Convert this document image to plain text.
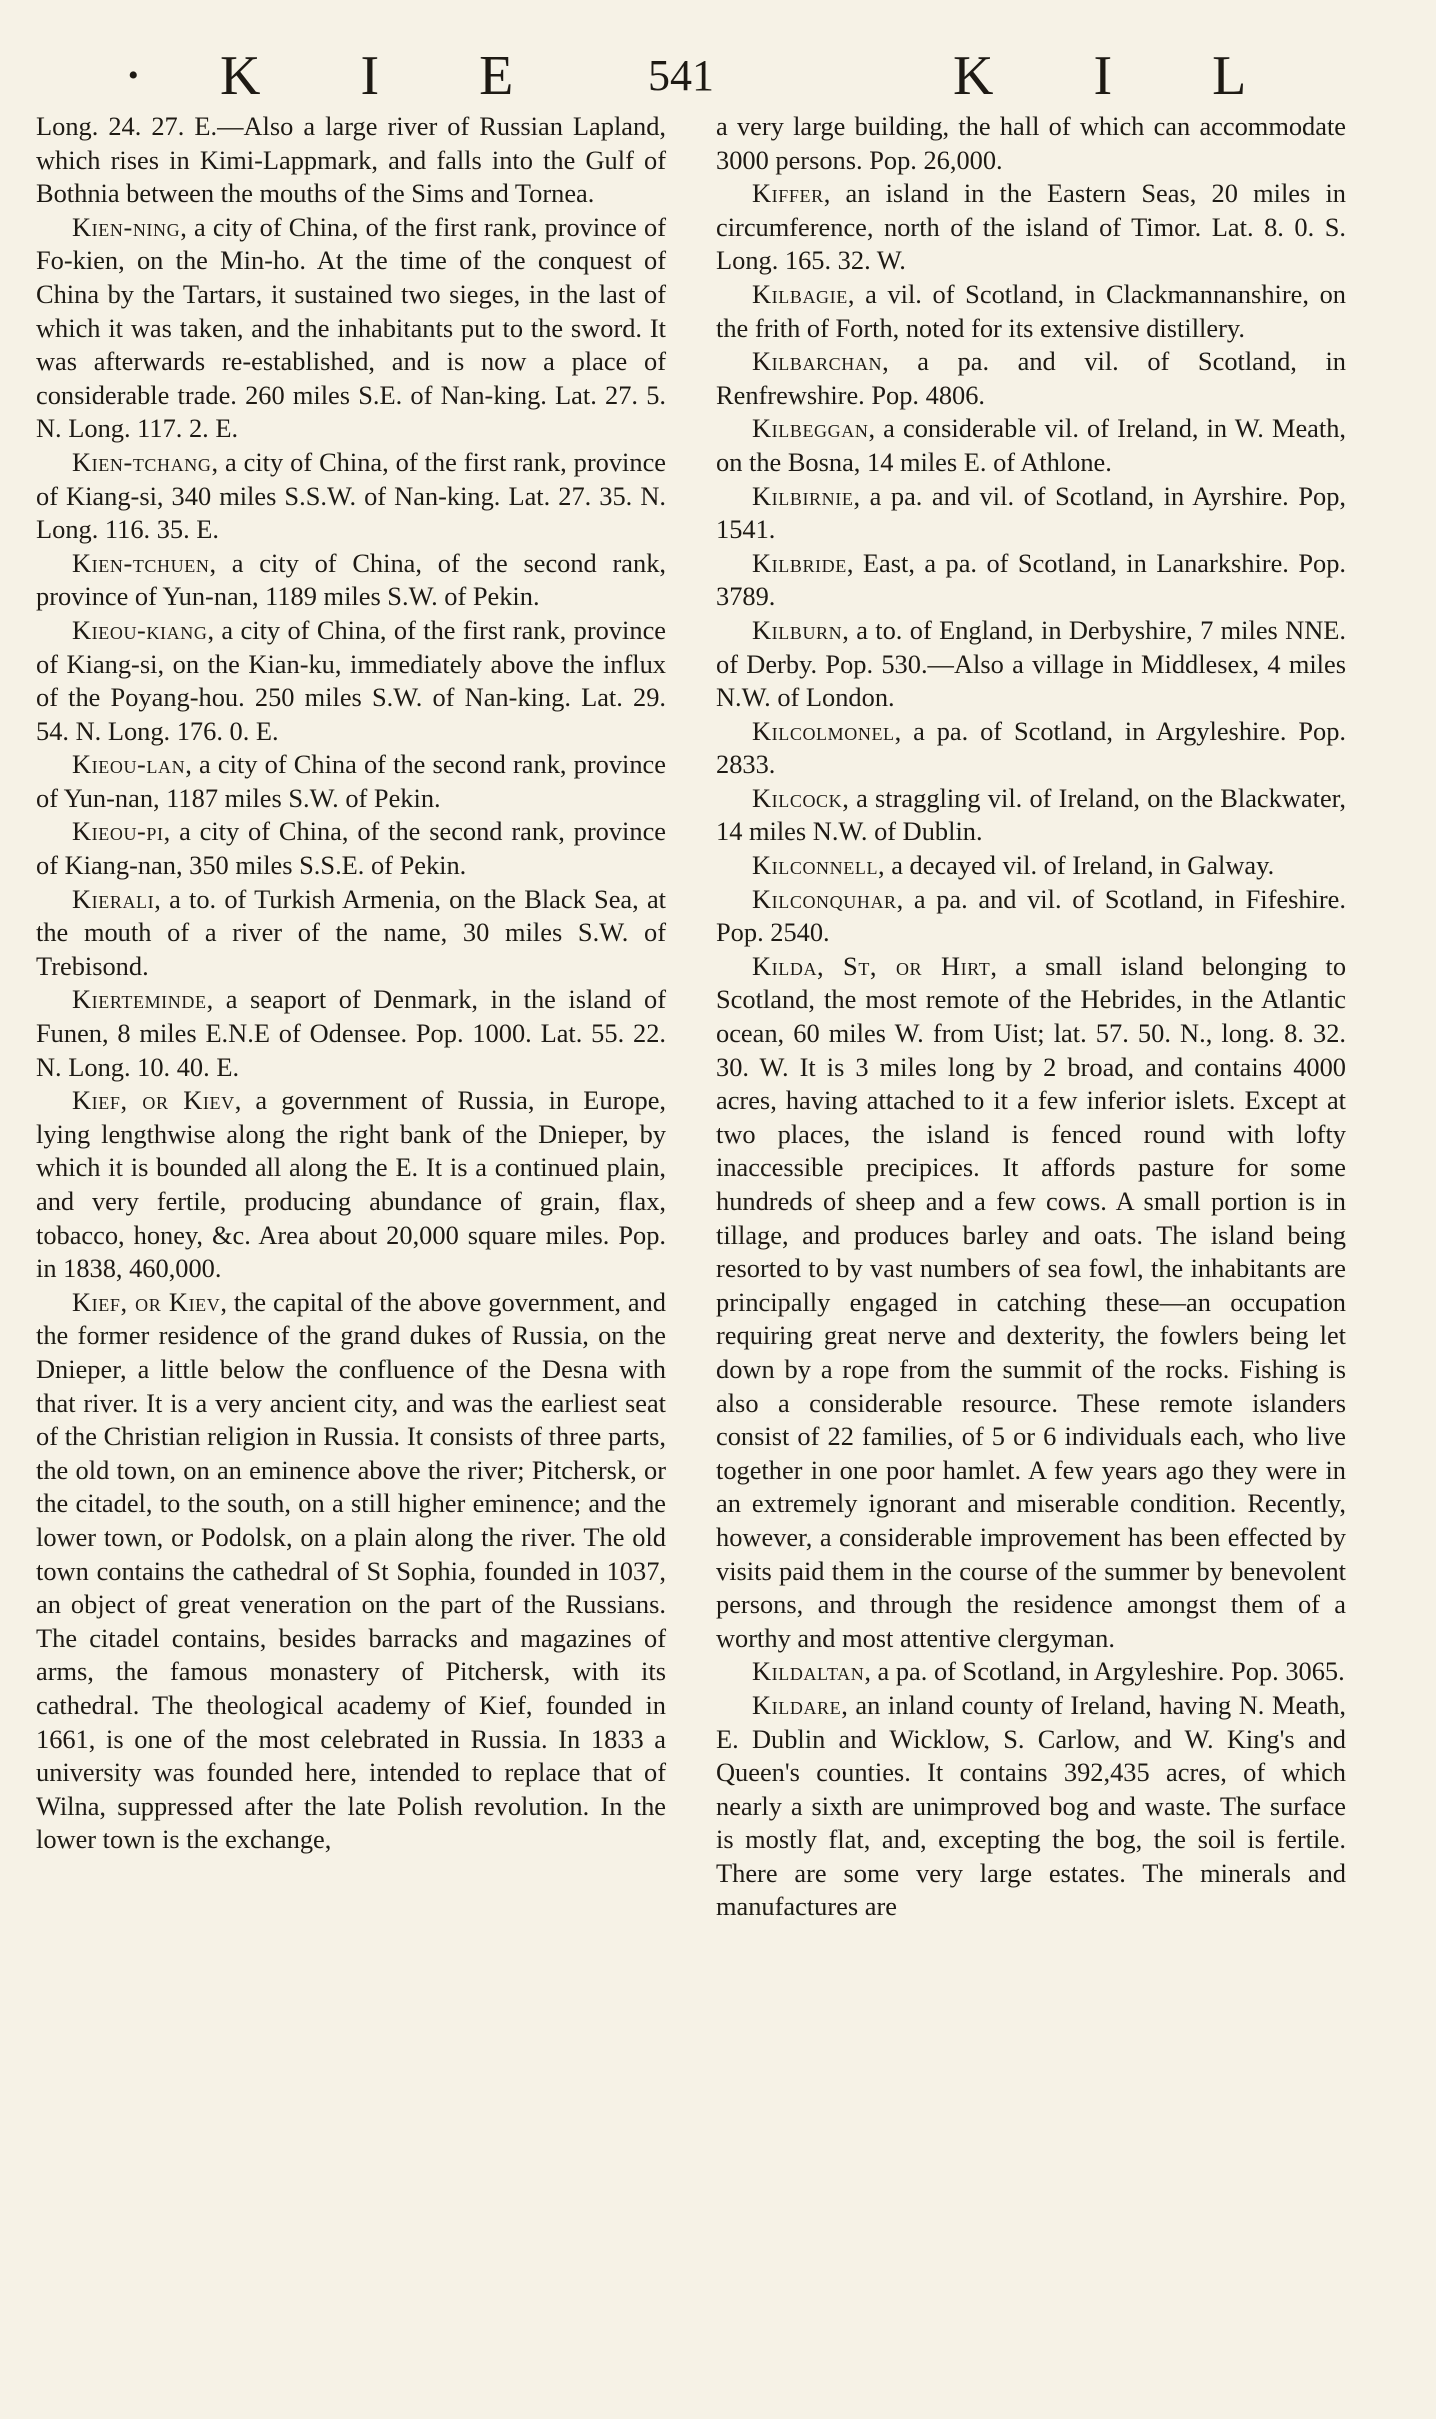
• K I E 541	K I L

Long. 24. 27. E.—Also a large river of Russian Lapland, which rises in Kimi-Lappmark, and falls into the Gulf of Bothnia between the mouths of the Sims and Tornea.

Kien-ning, a city of China, of the first rank, province of Fo-kien, on the Min-ho. At the time of the conquest of China by the Tartars, it sustained two sieges, in the last of which it was taken, and the inhabitants put to the sword. It was afterwards re-established, and is now a place of considerable trade. 260 miles S.E. of Nan-king. Lat. 27. 5. N. Long. 117. 2. E.

Kien-tchang, a city of China, of the first rank, province of Kiang-si, 340 miles S.S.W. of Nan-king. Lat. 27. 35. N. Long. 116. 35. E.

Kien-tchuen, a city of China, of the second rank, province of Yun-nan, 1189 miles S.W. of Pekin.

Kieou-kiang, a city of China, of the first rank, province of Kiang-si, on the Kian-ku, immediately above the influx of the Poyang-hou. 250 miles S.W. of Nan-king. Lat. 29. 54. N. Long. 176. 0. E.

Kieou-lan, a city of China of the second rank, province of Yun-nan, 1187 miles S.W. of Pekin.

Kieou-pi, a city of China, of the second rank, province of Kiang-nan, 350 miles S.S.E. of Pekin.

Kierali, a to. of Turkish Armenia, on the Black Sea, at the mouth of a river of the name, 30 miles S.W. of Trebisond.

Kierteminde, a seaport of Denmark, in the island of Funen, 8 miles E.N.E of Odensee. Pop. 1000. Lat. 55. 22. N. Long. 10. 40. E.

Kief, or Kiev, a government of Russia, in Europe, lying lengthwise along the right bank of the Dnieper, by which it is bounded all along the E. It is a continued plain, and very fertile, producing abundance of grain, flax, tobacco, honey, &c. Area about 20,000 square miles. Pop. in 1838, 460,000.

Kief, or Kiev, the capital of the above government, and the former residence of the grand dukes of Russia, on the Dnieper, a little below the confluence of the Desna with that river. It is a very ancient city, and was the earliest seat of the Christian religion in Russia. It consists of three parts, the old town, on an eminence above the river; Pitchersk, or the citadel, to the south, on a still higher eminence; and the lower town, or Podolsk, on a plain along the river. The old town contains the cathedral of St Sophia, founded in 1037, an object of great veneration on the part of the Russians. The citadel contains, besides barracks and magazines of arms, the famous monastery of Pitchersk, with its cathedral. The theological academy of Kief, founded in 1661, is one of the most celebrated in Russia. In 1833 a university was founded here, intended to replace that of Wilna, suppressed after the late Polish revolution. In the lower town is the exchange,

a very large building, the hall of which can accommodate 3000 persons. Pop. 26,000.

Kiffer, an island in the Eastern Seas, 20 miles in circumference, north of the island of Timor. Lat. 8. 0. S. Long. 165. 32. W.

Kilbagie, a vil. of Scotland, in Clackmannanshire, on the frith of Forth, noted for its extensive distillery.

Kilbarchan, a pa. and vil. of Scotland, in Renfrewshire. Pop. 4806.

Kilbeggan, a considerable vil. of Ireland, in W. Meath, on the Bosna, 14 miles E. of Athlone.

Kilbirnie, a pa. and vil. of Scotland, in Ayrshire. Pop, 1541.

Kilbride, East, a pa. of Scotland, in Lanarkshire. Pop. 3789.

Kilburn, a to. of England, in Derbyshire, 7 miles NNE. of Derby. Pop. 530.—Also a village in Middlesex, 4 miles N.W. of London.

Kilcolmonel, a pa. of Scotland, in Argyleshire. Pop. 2833.

Kilcock, a straggling vil. of Ireland, on the Blackwater, 14 miles N.W. of Dublin.

Kilconnell, a decayed vil. of Ireland, in Galway.

Kilconquhar, a pa. and vil. of Scotland, in Fifeshire. Pop. 2540.

Kilda, St, or Hirt, a small island belonging to Scotland, the most remote of the Hebrides, in the Atlantic ocean, 60 miles W. from Uist; lat. 57. 50. N., long. 8. 32. 30. W. It is 3 miles long by 2 broad, and contains 4000 acres, having attached to it a few inferior islets. Except at two places, the island is fenced round with lofty inaccessible precipices. It affords pasture for some hundreds of sheep and a few cows. A small portion is in tillage, and produces barley and oats. The island being resorted to by vast numbers of sea fowl, the inhabitants are principally engaged in catching these—an occupation requiring great nerve and dexterity, the fowlers being let down by a rope from the summit of the rocks. Fishing is also a considerable resource. These remote islanders consist of 22 families, of 5 or 6 individuals each, who live together in one poor hamlet. A few years ago they were in an extremely ignorant and miserable condition. Recently, however, a considerable improvement has been effected by visits paid them in the course of the summer by benevolent persons, and through the residence amongst them of a worthy and most attentive clergyman.

Kildaltan, a pa. of Scotland, in Argyleshire. Pop. 3065.

Kildare, an inland county of Ireland, having N. Meath, E. Dublin and Wicklow, S. Carlow, and W. King's and Queen's counties. It contains 392,435 acres, of which nearly a sixth are unimproved bog and waste. The surface is mostly flat, and, excepting the bog, the soil is fertile. There are some very large estates. The minerals and manufactures are
